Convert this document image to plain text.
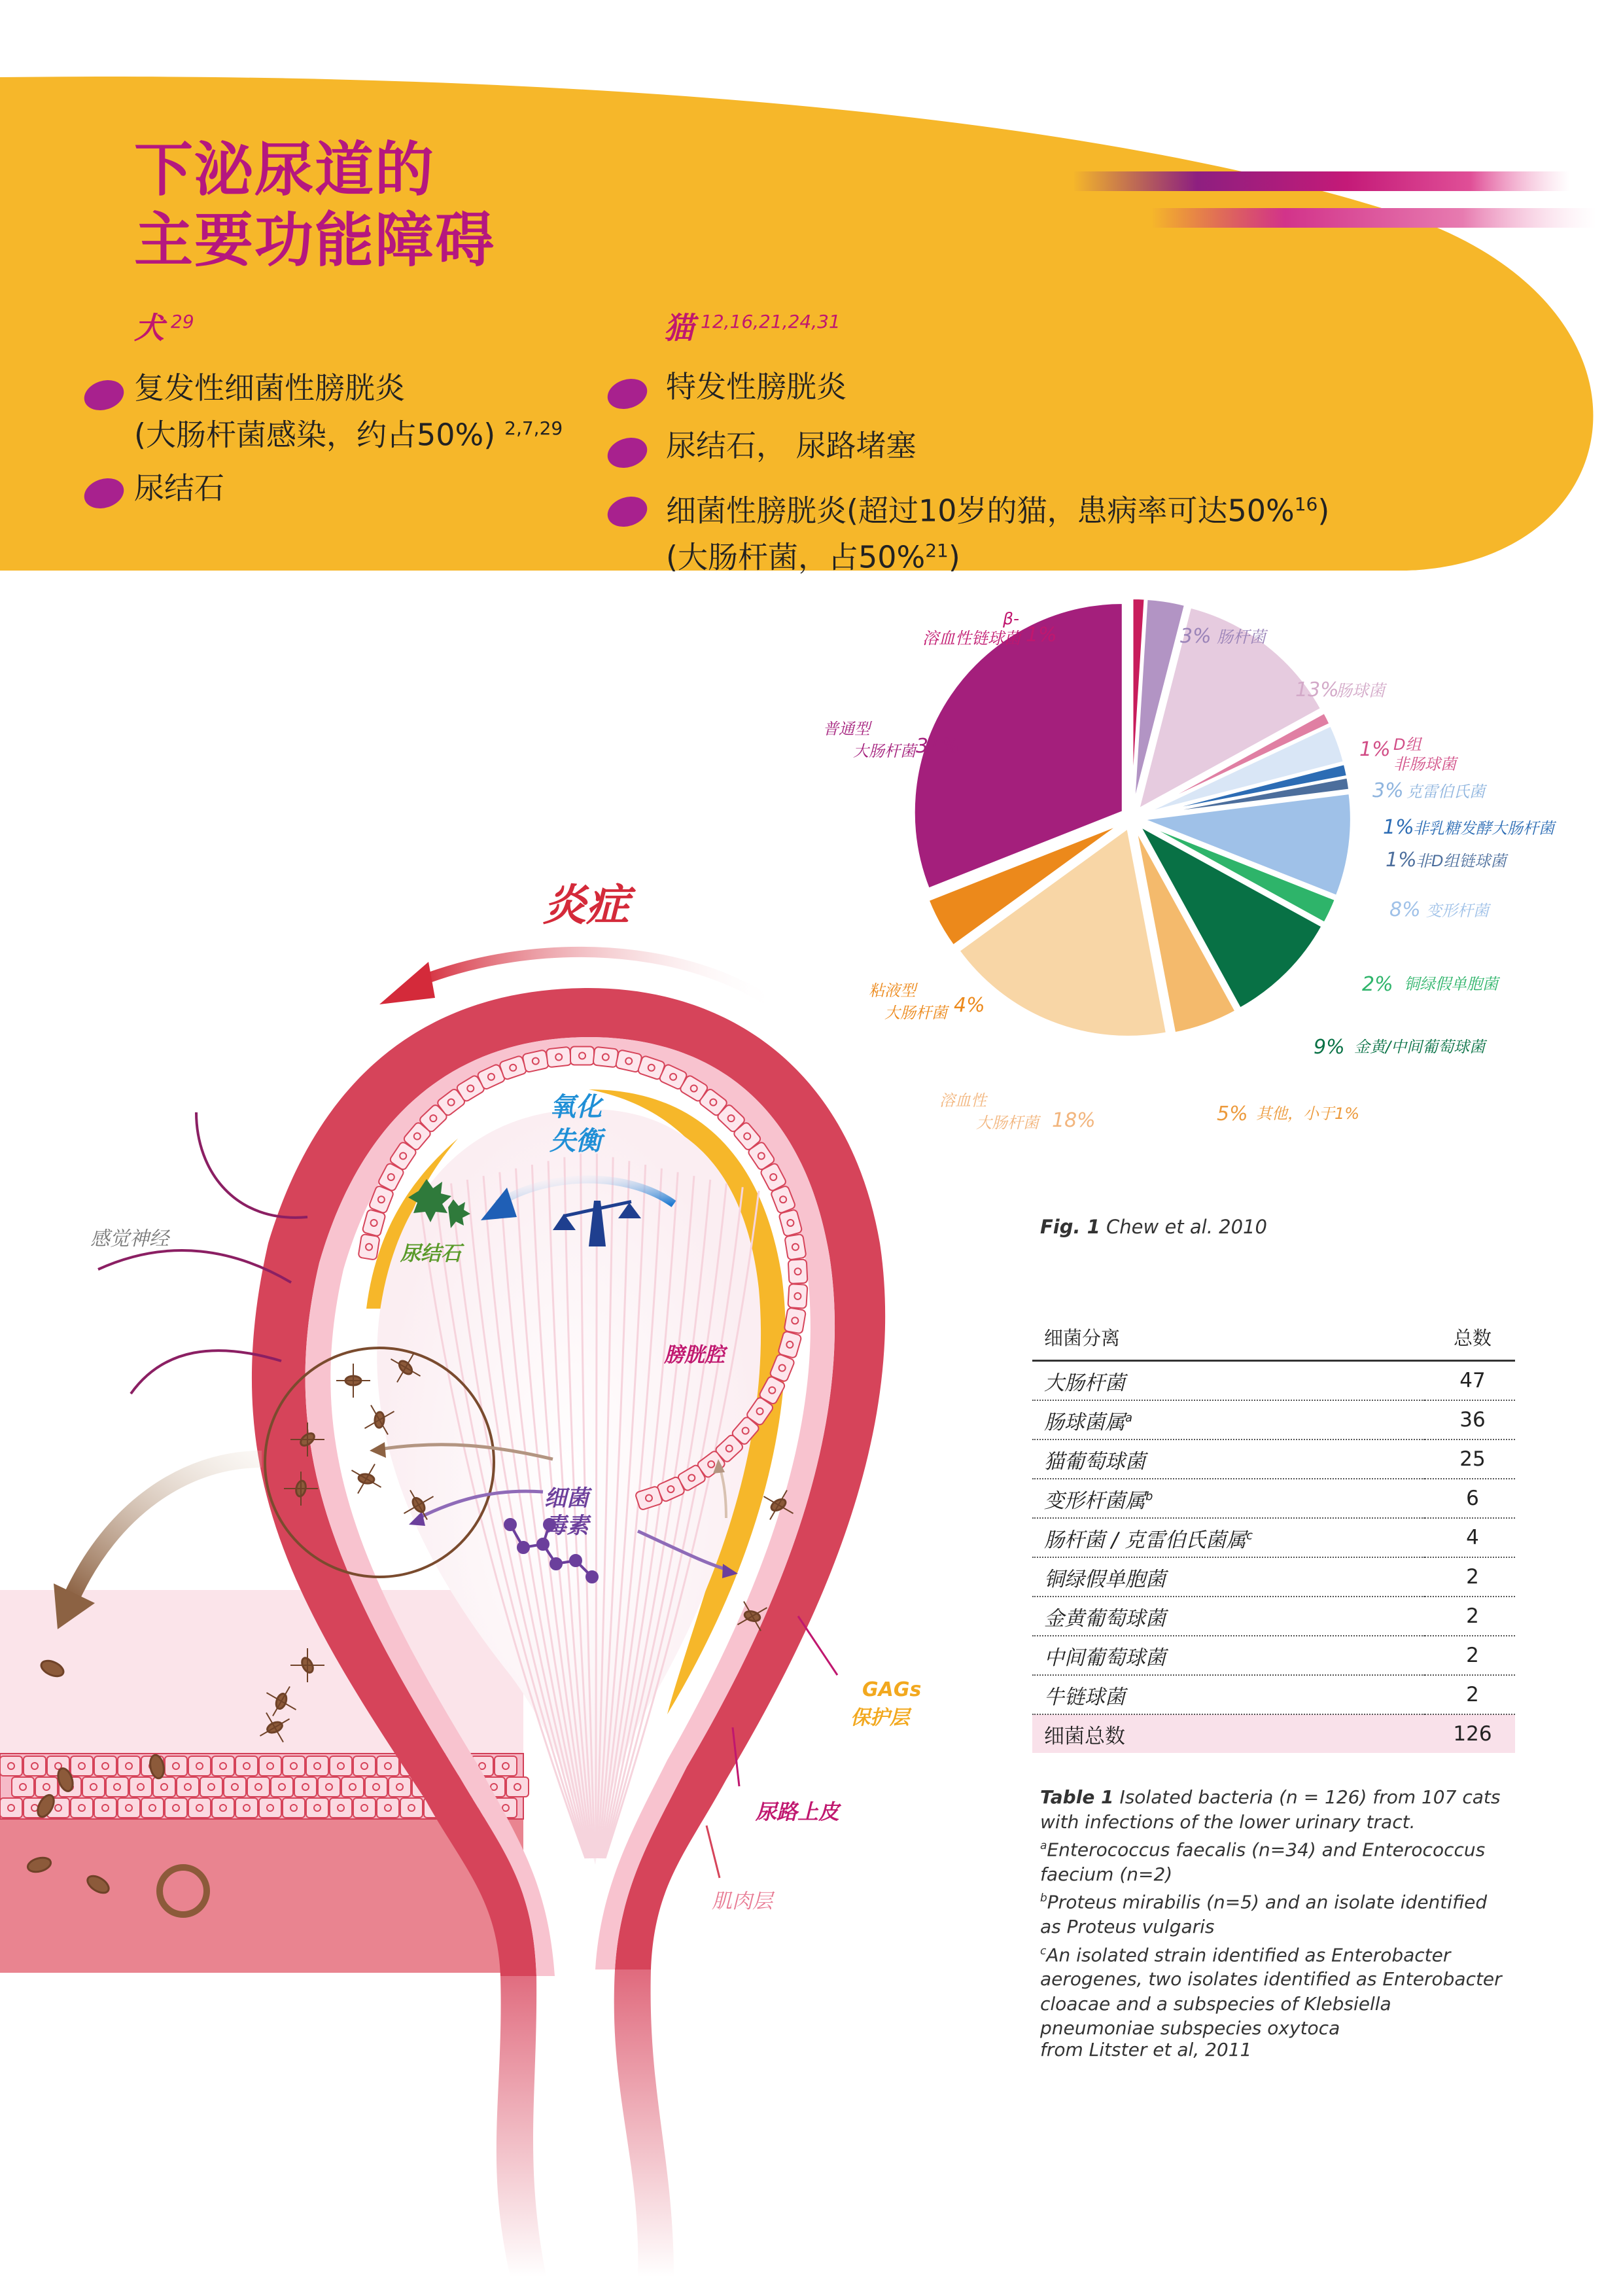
下泌尿道的
主要功能障碍
犬 $^{29}$	猫 $^{12,16,21,24,31}$
复发性细菌性膀胱炎
(大肠杆菌感染，约占50%) $^{2,7,29}$
尿结石
特发性膀胱炎
尿结石， 尿路堵塞
细菌性膀胱炎(超过10岁的猫，患病率可达50%$^{16}$)
(大肠杆菌，占50%$^{21}$)
β-
溶血性链球菌 1%	3% 肠杆菌
13%
肠球菌
1% D组
非肠球菌
3% 克雷伯氏菌
1%
非乳糖发酵大肠杆菌
1%
非D组链球菌
8% 变形杆菌
2% 铜绿假单胞菌
9% 金黄/中间葡萄球菌
5% 其他，小于1%
溶血性
大肠杆菌 18%
粘液型
大肠杆菌 4%
普通型
大肠杆菌 31%
Fig. 1 Chew et al. 2010
炎症
氧化
失衡
尿结石
感觉神经
膀胱腔
细菌
毒素
GAGs
保护层
尿路上皮
肌肉层
细菌分离	总数
大肠杆菌	47
肠球菌属$^a$	36
猫葡萄球菌	25
变形杆菌属$^b$	6
肠杆菌 / 克雷伯氏菌属$^c$	4
铜绿假单胞菌	2
金黄葡萄球菌	2
中间葡萄球菌	2
牛链球菌	2
细菌总数	126

Table 1 Isolated bacteria (n = 126) from 107 cats

with infections of the lower urinary tract.

$^a$Enterococcus faecalis (n=34) and Enterococcus

faecium (n=2)

$^b$Proteus mirabilis (n=5) and an isolate identified

as Proteus vulgaris

$^c$An isolated strain identified as Enterobacter

aerogenes, two isolates identified as Enterobacter

cloacae and a subspecies of Klebsiella

pneumoniae subspecies oxytoca

from Litster et al, 2011
